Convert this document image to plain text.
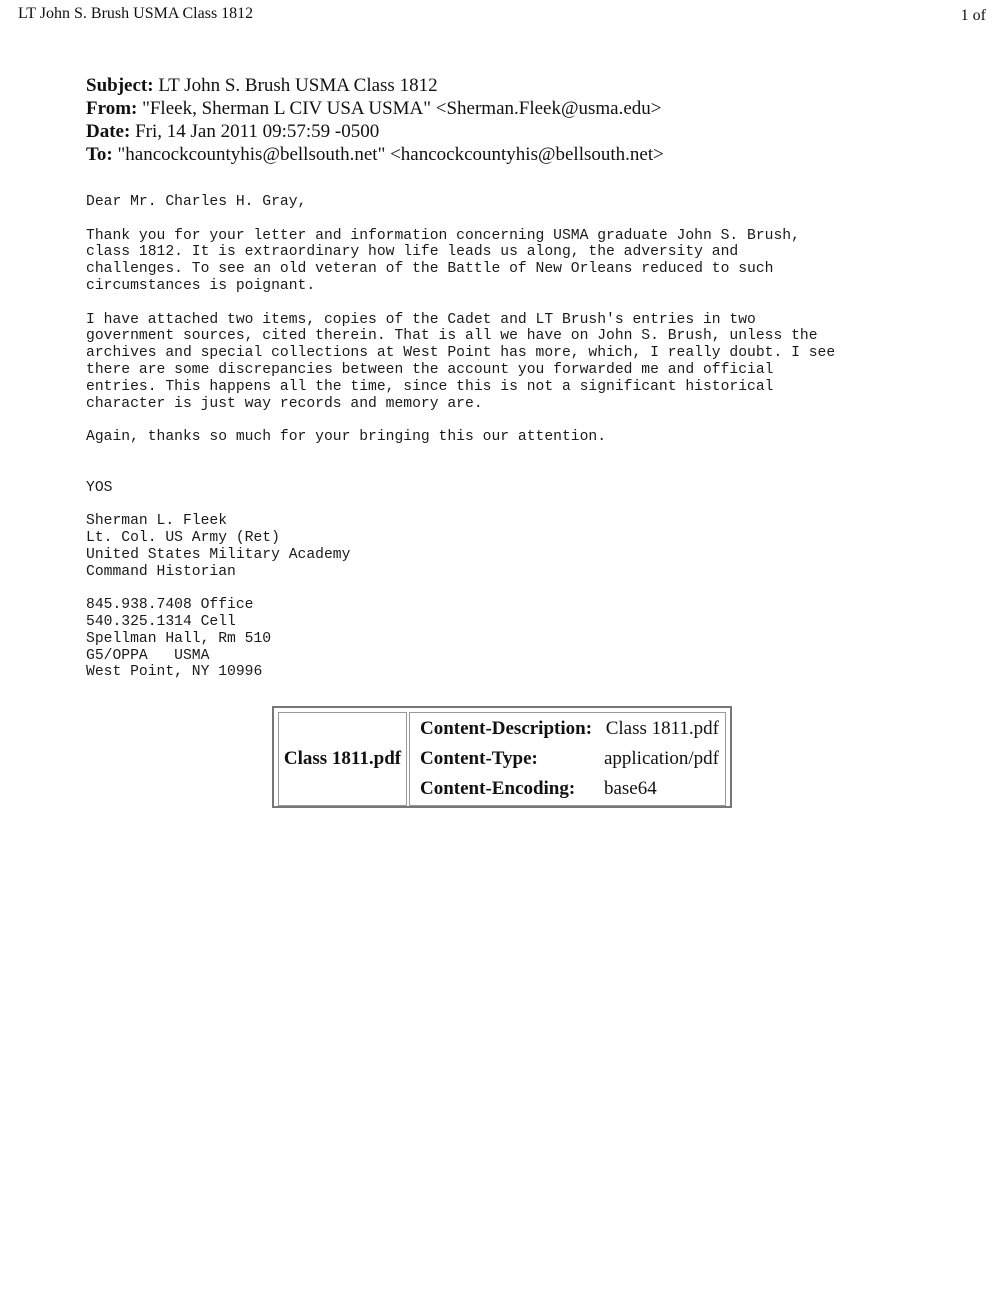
LT John S. Brush USMA Class 1812	1 of
Subject: LT John S. Brush USMA Class 1812
From: "Fleek, Sherman L CIV USA USMA" <Sherman.Fleek@usma.edu>
Date: Fri, 14 Jan 2011 09:57:59 -0500
To: "hancockcountyhis@bellsouth.net" <hancockcountyhis@bellsouth.net>
Dear Mr. Charles H. Gray,

Thank you for your letter and information concerning USMA graduate John S. Brush,
class 1812. It is extraordinary how life leads us along, the adversity and
challenges. To see an old veteran of the Battle of New Orleans reduced to such
circumstances is poignant.

I have attached two items, copies of the Cadet and LT Brush's entries in two
government sources, cited therein. That is all we have on John S. Brush, unless the
archives and special collections at West Point has more, which, I really doubt. I see
there are some discrepancies between the account you forwarded me and official
entries. This happens all the time, since this is not a significant historical
character is just way records and memory are.

Again, thanks so much for your bringing this our attention.

YOS

Sherman L. Fleek
Lt. Col. US Army (Ret)
United States Military Academy
Command Historian

845.938.7408 Office
540.325.1314 Cell
Spellman Hall, Rm 510
G5/OPPA   USMA
West Point, NY 10996
Class 1811.pdf	
Content-Description:	Class 1811.pdf
Content-Type:	application/pdf
Content-Encoding:	base64
